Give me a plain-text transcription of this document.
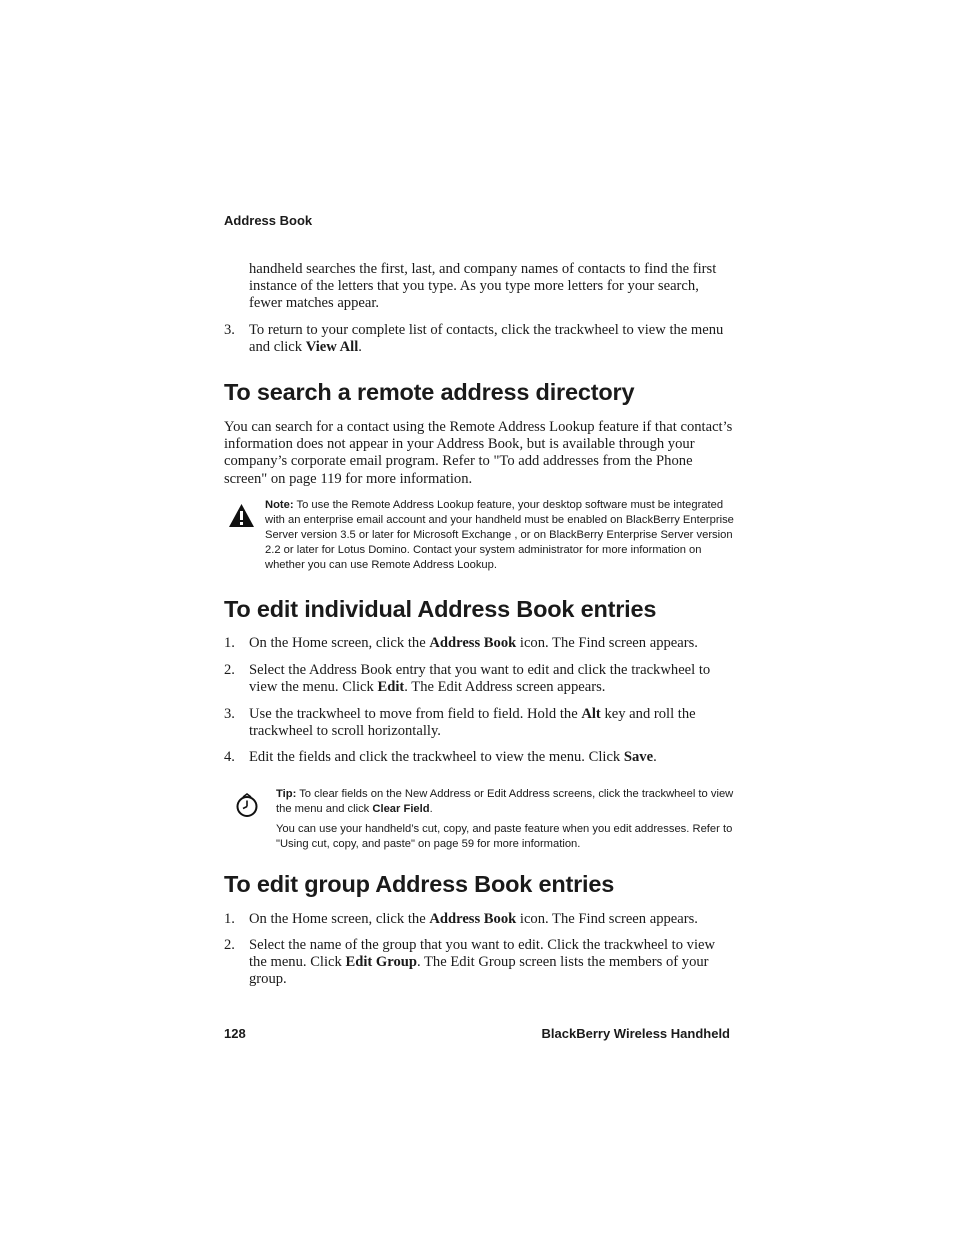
Address Book
handheld searches the first, last, and company names of contacts to find the first instance of the letters that you type. As you type more letters for your search, fewer matches appear.
3. To return to your complete list of contacts, click the trackwheel to view the menu and click View All.
To search a remote address directory
You can search for a contact using the Remote Address Lookup feature if that contact’s information does not appear in your Address Book, but is available through your company’s corporate email program. Refer to "To add addresses from the Phone screen" on page 119 for more information.

Note: To use the Remote Address Lookup feature, your desktop software must be integrated with an enterprise email account and your handheld must be enabled on BlackBerry Enterprise Server version 3.5 or later for Microsoft Exchange , or on BlackBerry Enterprise Server version 2.2 or later for Lotus Domino. Contact your system administrator for more information on whether you can use Remote Address Lookup.

To edit individual Address Book entries
1. On the Home screen, click the Address Book icon. The Find screen appears.
2. Select the Address Book entry that you want to edit and click the trackwheel to view the menu. Click Edit. The Edit Address screen appears.
3. Use the trackwheel to move from field to field. Hold the Alt key and roll the trackwheel to scroll horizontally.
4. Edit the fields and click the trackwheel to view the menu. Click Save.

Tip: To clear fields on the New Address or Edit Address screens, click the trackwheel to view the menu and click Clear Field.

You can use your handheld’s cut, copy, and paste feature when you edit addresses. Refer to "Using cut, copy, and paste" on page 59 for more information.

To edit group Address Book entries
1. On the Home screen, click the Address Book icon. The Find screen appears.
2. Select the name of the group that you want to edit. Click the trackwheel to view the menu. Click Edit Group. The Edit Group screen lists the members of your group.
128	BlackBerry Wireless Handheld
